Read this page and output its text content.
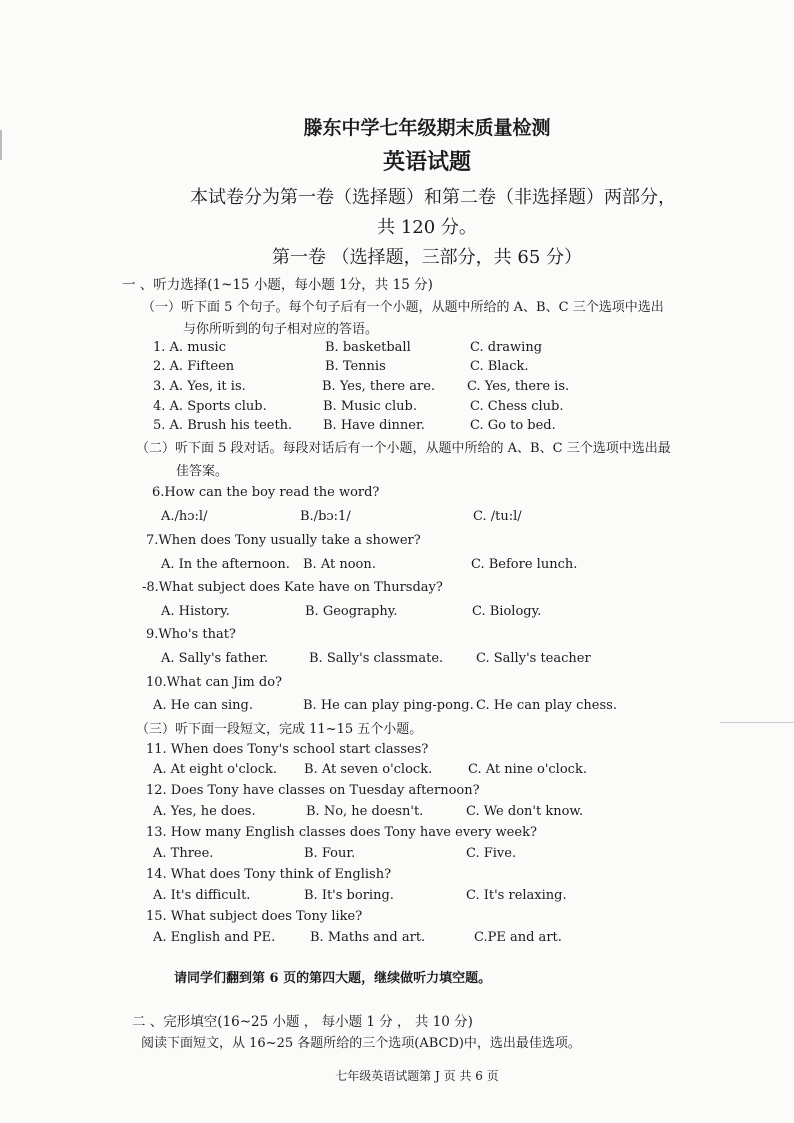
滕东中学七年级期末质量检测
英语试题
本试卷分为第一卷（选择题）和第二卷（非选择题）两部分，
共 120 分。
第一卷 （选择题，三部分，共 65 分）
一 、听力选择(1~15 小题，每小题 1分，共 15 分)
（一）听下面 5 个句子。每个句子后有一个小题，从题中所给的 A、B、C 三个选项中选出
与你所听到的句子相对应的答语。
1. A. music	B. basketball	C. drawing
2. A. Fifteen	B. Tennis	C. Black.
3. A. Yes, it is.	B. Yes, there are. C. Yes, there is.
4. A. Sports club.	B. Music club.	C. Chess club.
5. A. Brush his teeth. B. Have dinner.	C. Go to bed.
（二）听下面 5 段对话。每段对话后有一个小题，从题中所给的 A、B、C 三个选项中选出最
佳答案。
6.How can the boy read the word?
A./hɔ:l/	B./bɔ:1/	C. /tu:l/
7.When does Tony usually take a shower?
A. In the afternoon. B. At noon.	C. Before lunch.
-8.What subject does Kate have on Thursday?
A. History.	B. Geography.	C. Biology.
9.Who's that?
A. Sally's father.	B. Sally's classmate.	C. Sally's teacher
10.What can Jim do?
A. He can sing.	B. He can play ping-pong. C. He can play chess.
（三）听下面一段短文，完成 11~15 五个小题。
11. When does Tony's school start classes?
A. At eight o'clock. B. At seven o'clock.	C. At nine o'clock.
12. Does Tony have classes on Tuesday afternoon?
A. Yes, he does.	B. No, he doesn't.	C. We don't know.
13. How many English classes does Tony have every week?
A. Three.	B. Four.	C. Five.
14. What does Tony think of English?
A. It's difficult.	B. It's boring.	C. It's relaxing.
15. What subject does Tony like?
A. English and PE.	B. Maths and art.	C.PE and art.
请同学们翻到第 6 页的第四大题，继续做听力填空题。
二 、完形填空(16~25 小题 ， 每小题 1 分 ， 共 10 分)
阅读下面短文，从 16~25 各题所给的三个选项(ABCD)中，选出最佳选项。
七年级英语试题第 J 页 共 6 页
